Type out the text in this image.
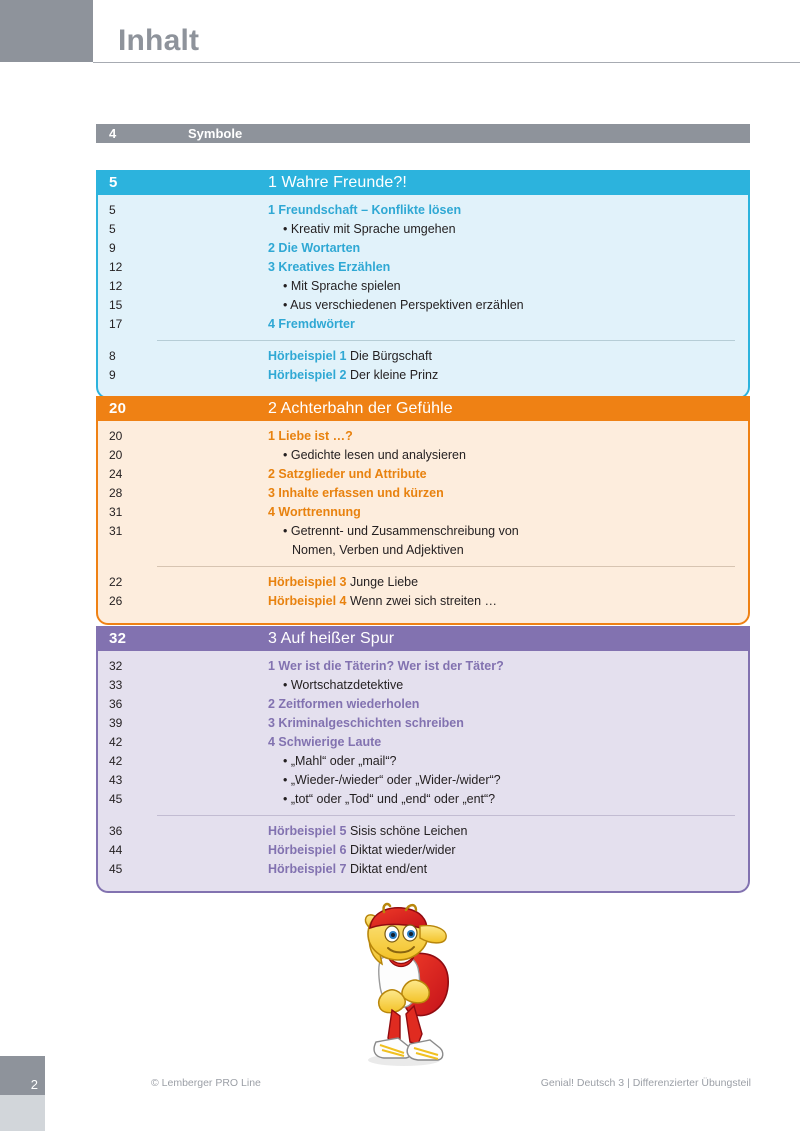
Inhalt
4	Symbole
5	1 Wahre Freunde?!
5	1 Freundschaft – Konflikte lösen
5	• Kreativ mit Sprache umgehen
9	2 Die Wortarten
12	3 Kreatives Erzählen
12	• Mit Sprache spielen
15	• Aus verschiedenen Perspektiven erzählen
17	4 Fremdwörter
8	Hörbeispiel 1 Die Bürgschaft
9	Hörbeispiel 2 Der kleine Prinz
20	2 Achterbahn der Gefühle
20	1 Liebe ist …?
20	• Gedichte lesen und analysieren
24	2 Satzglieder und Attribute
28	3 Inhalte erfassen und kürzen
31	4 Worttrennung
31	• Getrennt- und Zusammenschreibung von
Nomen, Verben und Adjektiven
22	Hörbeispiel 3 Junge Liebe
26	Hörbeispiel 4 Wenn zwei sich streiten …
32	3 Auf heißer Spur
32	1 Wer ist die Täterin? Wer ist der Täter?
33	• Wortschatzdetektive
36	2 Zeitformen wiederholen
39	3 Kriminalgeschichten schreiben
42	4 Schwierige Laute
42	• „Mahl“ oder „mail“?
43	• „Wieder-/wieder“ oder „Wider-/wider“?
45	• „tot“ oder „Tod“ und „end“ oder „ent“?
36	Hörbeispiel 5 Sisis schöne Leichen
44	Hörbeispiel 6 Diktat wieder/wider
45	Hörbeispiel 7 Diktat end/ent
2	© Lemberger PRO Line	Genial! Deutsch 3 | Differenzierter Übungsteil
